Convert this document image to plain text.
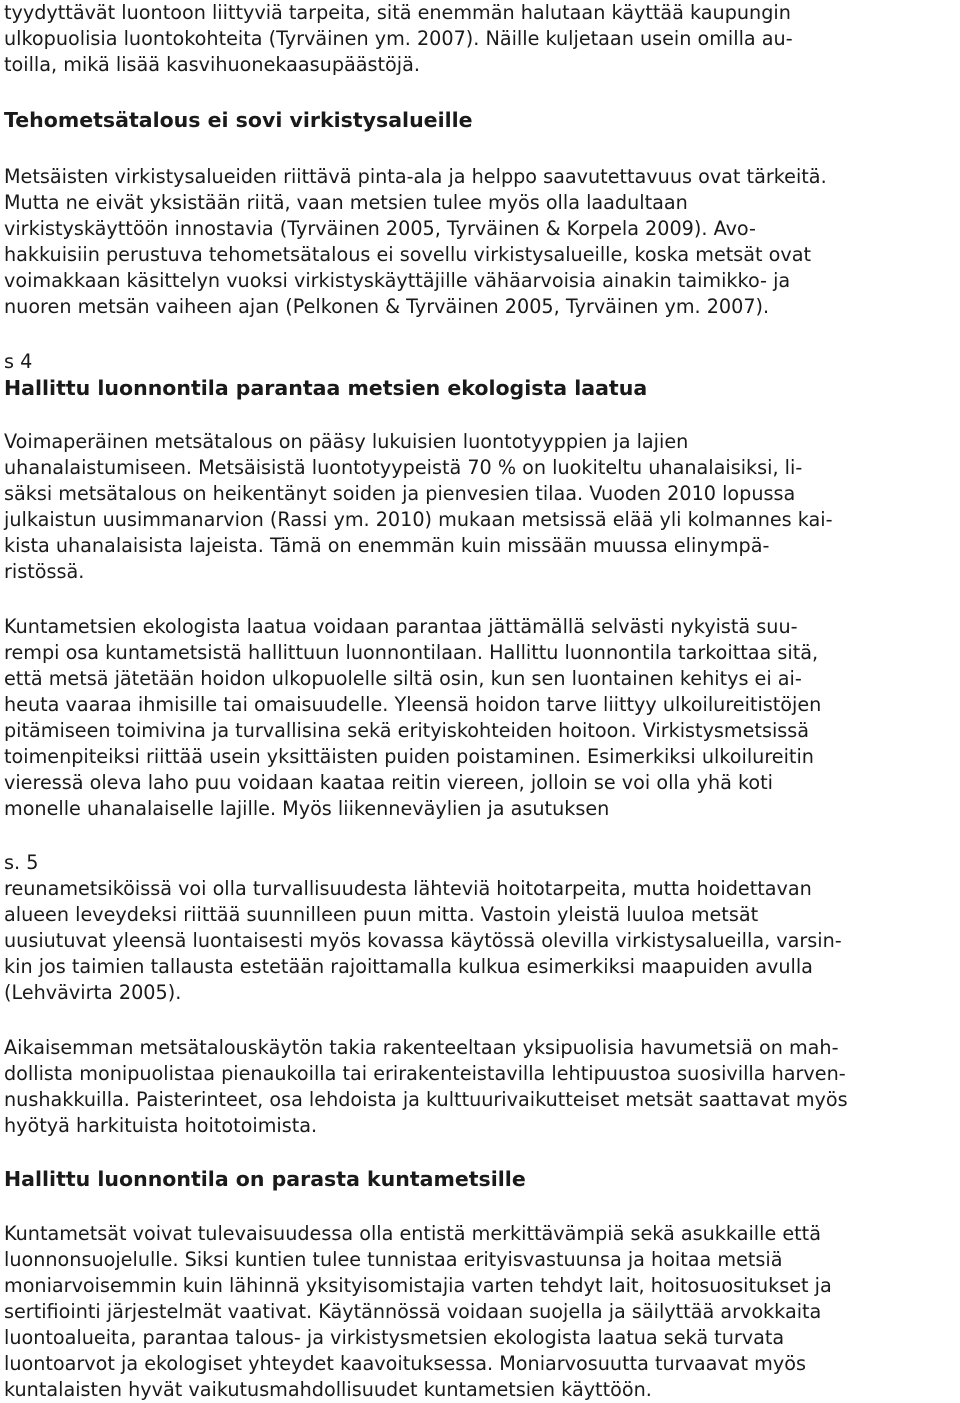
tyydyttävät luontoon liittyviä tarpeita, sitä enemmän halutaan käyttää kaupungin

ulkopuolisia luontokohteita (Tyrväinen ym. 2007). Näille kuljetaan usein omilla au-

toilla, mikä lisää kasvihuonekaasupäästöjä.

Tehometsätalous ei sovi virkistysalueille

Metsäisten virkistysalueiden riittävä pinta-ala ja helppo saavutettavuus ovat tärkeitä.

Mutta ne eivät yksistään riitä, vaan metsien tulee myös olla laadultaan

virkistyskäyttöön innostavia (Tyrväinen 2005, Tyrväinen & Korpela 2009). Avo-

hakkuisiin perustuva tehometsätalous ei sovellu virkistysalueille, koska metsät ovat

voimakkaan käsittelyn vuoksi virkistyskäyttäjille vähäarvoisia ainakin taimikko- ja

nuoren metsän vaiheen ajan (Pelkonen & Tyrväinen 2005, Tyrväinen ym. 2007).

s 4

Hallittu luonnontila parantaa metsien ekologista laatua

Voimaperäinen metsätalous on pääsy lukuisien luontotyyppien ja lajien

uhanalaistumiseen. Metsäisistä luontotyypeistä 70 % on luokiteltu uhanalaisiksi, li-

säksi metsätalous on heikentänyt soiden ja pienvesien tilaa. Vuoden 2010 lopussa

julkaistun uusimmanarvion (Rassi ym. 2010) mukaan metsissä elää yli kolmannes kai-

kista uhanalaisista lajeista. Tämä on enemmän kuin missään muussa elinympä-

ristössä.

Kuntametsien ekologista laatua voidaan parantaa jättämällä selvästi nykyistä suu-

rempi osa kuntametsistä hallittuun luonnontilaan. Hallittu luonnontila tarkoittaa sitä,

että metsä jätetään hoidon ulkopuolelle siltä osin, kun sen luontainen kehitys ei ai-

heuta vaaraa ihmisille tai omaisuudelle. Yleensä hoidon tarve liittyy ulkoilureitistöjen

pitämiseen toimivina ja turvallisina sekä erityiskohteiden hoitoon. Virkistysmetsissä

toimenpiteiksi riittää usein yksittäisten puiden poistaminen. Esimerkiksi ulkoilureitin

vieressä oleva laho puu voidaan kaataa reitin viereen, jolloin se voi olla yhä koti

monelle uhanalaiselle lajille. Myös liikenneväylien ja asutuksen

s. 5

reunametsiköissä voi olla turvallisuudesta lähteviä hoitotarpeita, mutta hoidettavan

alueen leveydeksi riittää suunnilleen puun mitta. Vastoin yleistä luuloa metsät

uusiutuvat yleensä luontaisesti myös kovassa käytössä olevilla virkistysalueilla, varsin-

kin jos taimien tallausta estetään rajoittamalla kulkua esimerkiksi maapuiden avulla

(Lehvävirta 2005).

Aikaisemman metsätalouskäytön takia rakenteeltaan yksipuolisia havumetsiä on mah-

dollista monipuolistaa pienaukoilla tai erirakenteistavilla lehtipuustoa suosivilla harven-

nushakkuilla. Paisterinteet, osa lehdoista ja kulttuurivaikutteiset metsät saattavat myös

hyötyä harkituista hoitotoimista.

Hallittu luonnontila on parasta kuntametsille

Kuntametsät voivat tulevaisuudessa olla entistä merkittävämpiä sekä asukkaille että

luonnonsuojelulle. Siksi kuntien tulee tunnistaa erityisvastuunsa ja hoitaa metsiä

moniarvoisemmin kuin lähinnä yksityisomistajia varten tehdyt lait, hoitosuositukset ja

sertifiointi järjestelmät vaativat. Käytännössä voidaan suojella ja säilyttää arvokkaita

luontoalueita, parantaa talous- ja virkistysmetsien ekologista laatua sekä turvata

luontoarvot ja ekologiset yhteydet kaavoituksessa. Moniarvosuutta turvaavat myös

kuntalaisten hyvät vaikutusmahdollisuudet kuntametsien käyttöön.
